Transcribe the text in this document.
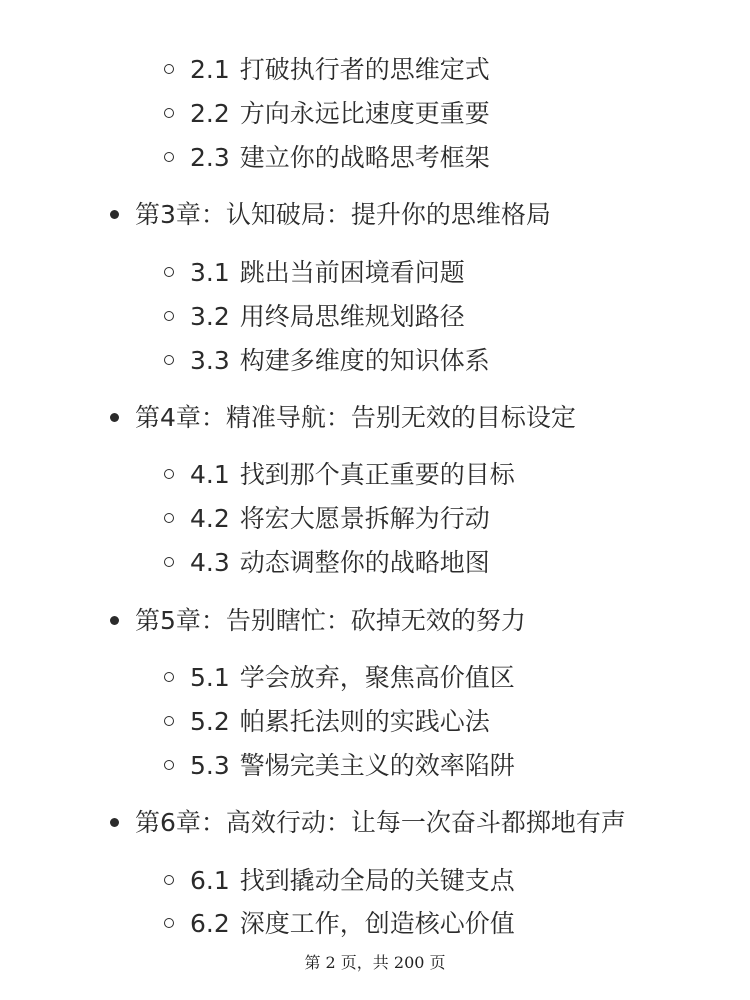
2.1 打破执行者的思维定式
2.2 方向永远比速度更重要
2.3 建立你的战略思考框架
第3章：认知破局：提升你的思维格局
3.1 跳出当前困境看问题
3.2 用终局思维规划路径
3.3 构建多维度的知识体系
第4章：精准导航：告别无效的目标设定
4.1 找到那个真正重要的目标
4.2 将宏大愿景拆解为行动
4.3 动态调整你的战略地图
第5章：告别瞎忙：砍掉无效的努力
5.1 学会放弃，聚焦高价值区
5.2 帕累托法则的实践心法
5.3 警惕完美主义的效率陷阱
第6章：高效行动：让每一次奋斗都掷地有声
6.1 找到撬动全局的关键支点
6.2 深度工作，创造核心价值
第 2 页，共 200 页
